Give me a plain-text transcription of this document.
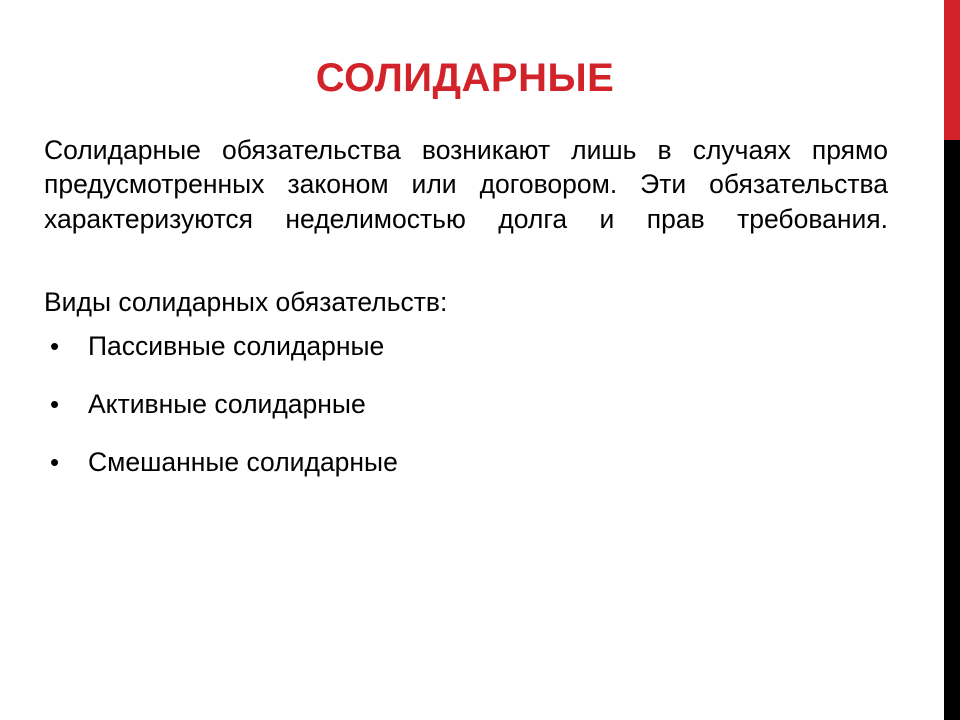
СОЛИДАРНЫЕ

Солидарные обязательства возникают лишь в случаях прямо предусмотренных законом или договором. Эти обязательства характеризуются неделимостью долга и прав требования.

Виды солидарных обязательств:

• Пассивные солидарные
• Активные солидарные
• Смешанные солидарные
